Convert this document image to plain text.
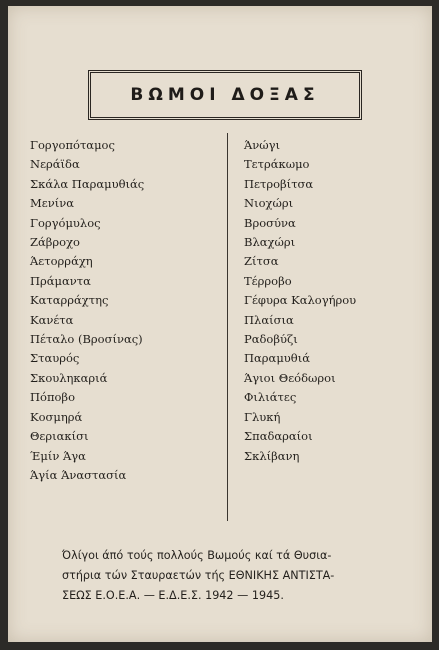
ΒΩΜΟΙ ΔΟΞΑΣ
Γοργοπόταμος
Νεράϊδα
Σκάλα Παραμυθιάς
Μενίνα
Γοργόμυλος
Ζάβροχο
Άετορράχη
Πράμαντα
Καταρράχτης
Κανέτα
Πέταλο (Βροσίνας)
Σταυρός
Σκουληκαριά
Πόποβο
Κοσμηρά
Θεριακίσι
Έμίν Άγα
Άγία Άναστασία
Άνώγι
Τετράκωμο
Πετροβίτσα
Νιοχώρι
Βροσύνα
Βλαχώρι
Ζίτσα
Τέρροβο
Γέφυρα Καλογήρου
Πλαίσια
Ραδοβύζι
Παραμυθιά
Άγιοι Θεόδωροι
Φιλιάτες
Γλυκή
Σπαδαραίοι
Σκλίβανη
Όλίγοι άπό τούς πολλούς Βωμούς καί τά Θυσια-
στήρια τών Σταυραετών τής ΕΘΝΙΚΗΣ ΑΝΤΙΣΤΑ-
ΣΕΩΣ Ε.Ο.Ε.Α. — Ε.Δ.Ε.Σ. 1942 — 1945.
